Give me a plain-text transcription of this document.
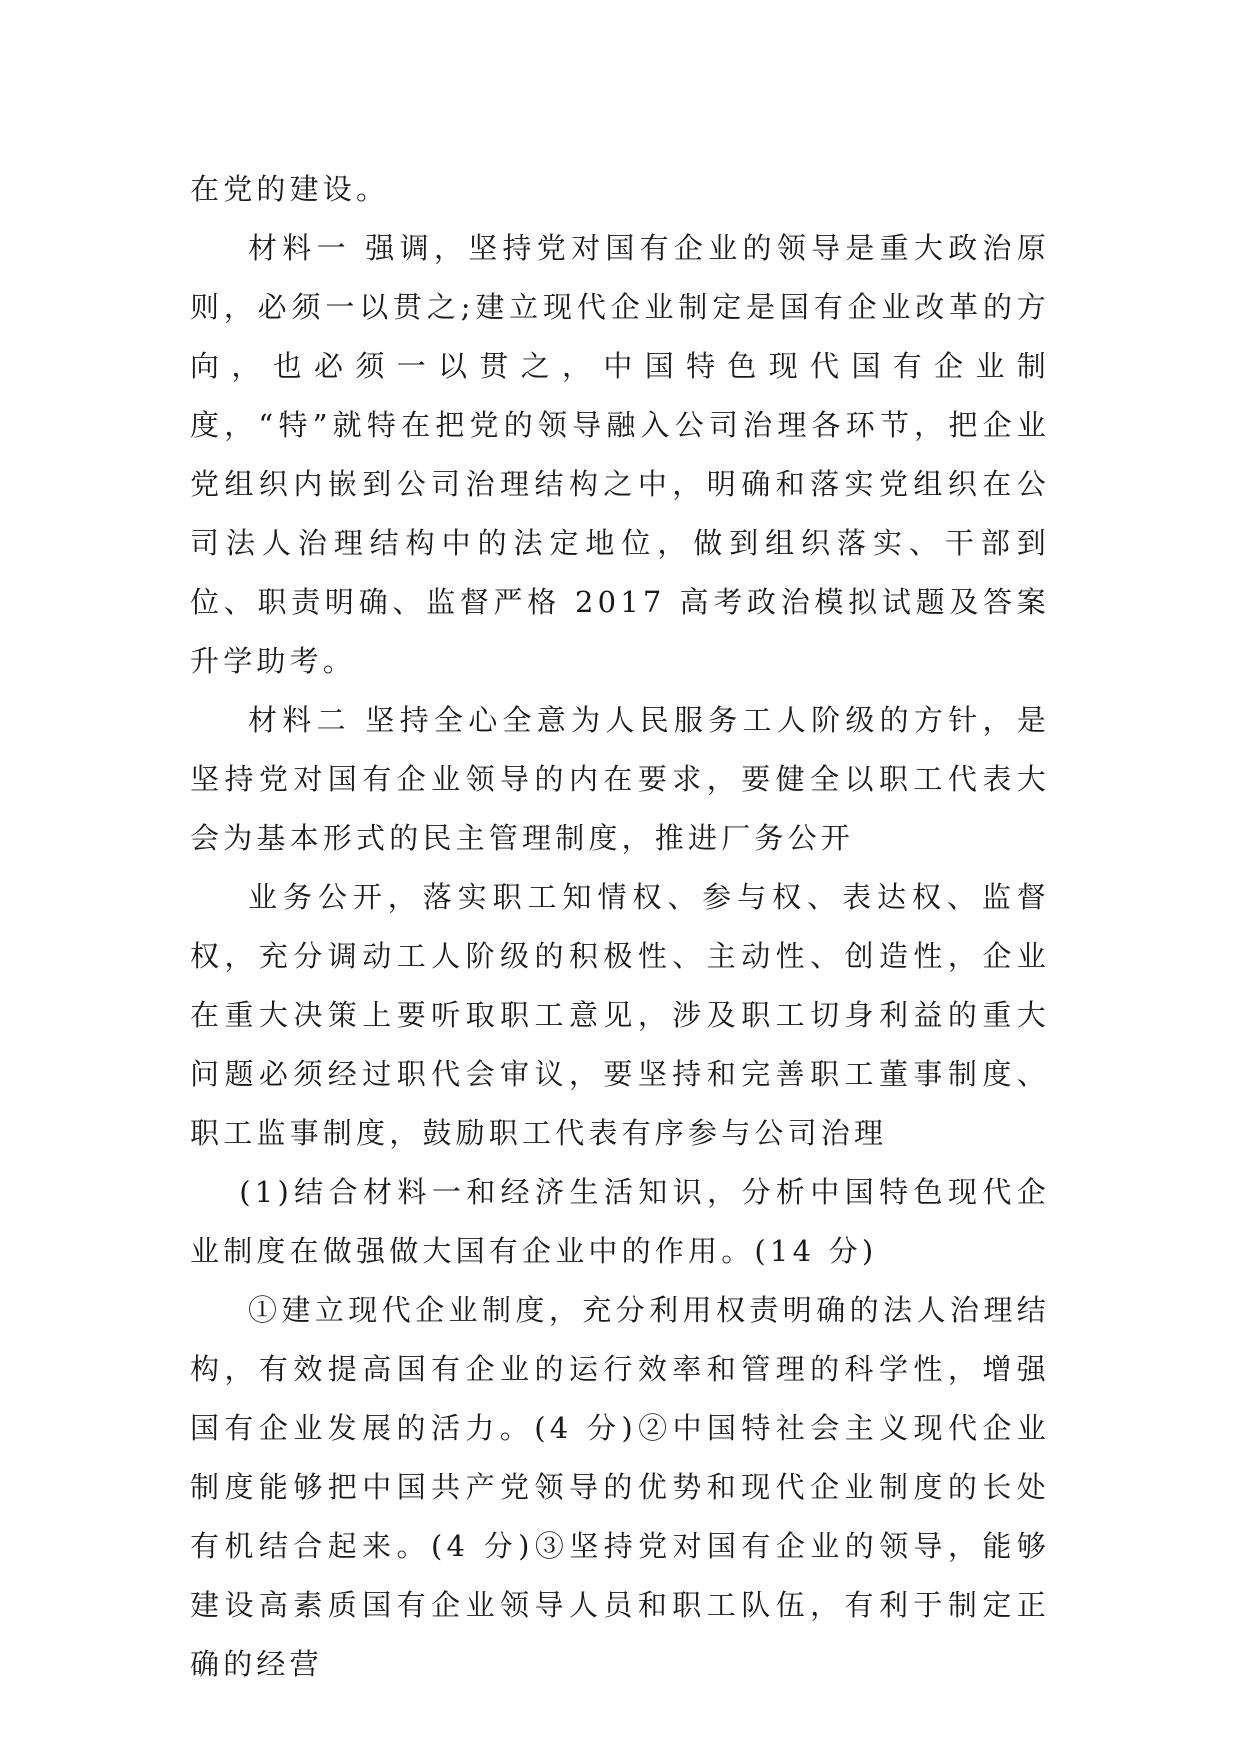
在党的建设。

材料一 强调，坚持党对国有企业的领导是重大政治原则，必须一以贯之;建立现代企业制定是国有企业改革的方向，也必须一以贯之，中国特色现代国有企业制度，“特”就特在把党的领导融入公司治理各环节，把企业党组织内嵌到公司治理结构之中，明确和落实党组织在公司法人治理结构中的法定地位，做到组织落实、干部到位、职责明确、监督严格 2017 高考政治模拟试题及答案升学助考。

材料二 坚持全心全意为人民服务工人阶级的方针，是坚持党对国有企业领导的内在要求，要健全以职工代表大会为基本形式的民主管理制度，推进厂务公开

业务公开，落实职工知情权、参与权、表达权、监督权，充分调动工人阶级的积极性、主动性、创造性，企业在重大决策上要听取职工意见，涉及职工切身利益的重大问题必须经过职代会审议，要坚持和完善职工董事制度、职工监事制度，鼓励职工代表有序参与公司治理

(1)结合材料一和经济生活知识，分析中国特色现代企业制度在做强做大国有企业中的作用。(14 分)

①建立现代企业制度，充分利用权责明确的法人治理结构，有效提高国有企业的运行效率和管理的科学性，增强国有企业发展的活力。(4 分)②中国特社会主义现代企业制度能够把中国共产党领导的优势和现代企业制度的长处有机结合起来。(4 分)③坚持党对国有企业的领导，能够建设高素质国有企业领导人员和职工队伍，有利于制定正确的经营
